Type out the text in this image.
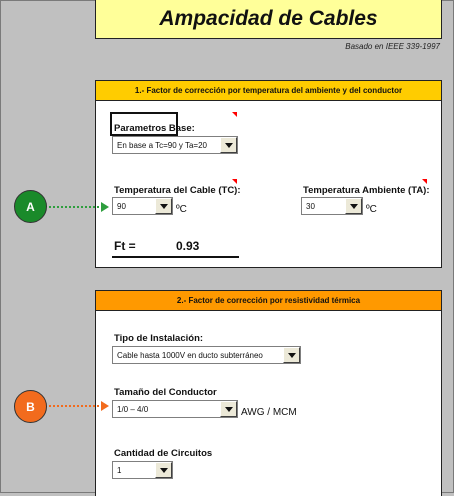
Ampacidad de Cables
Basado en IEEE 339-1997
1.- Factor de corrección por temperatura del ambiente y del conductor
Parametros Base:
En base a Tc=90 y Ta=20
Temperatura del Cable (TC):
90	ºC
Temperatura Ambiente (TA):
30	ºC
Ft =	0.93
2.- Factor de corrección por resistividad térmica
Tipo de Instalación:
Cable hasta 1000V en ducto subterráneo
Tamaño del Conductor
1/0 – 4/0	AWG / MCM
Cantidad de Circuitos
1
A
B
